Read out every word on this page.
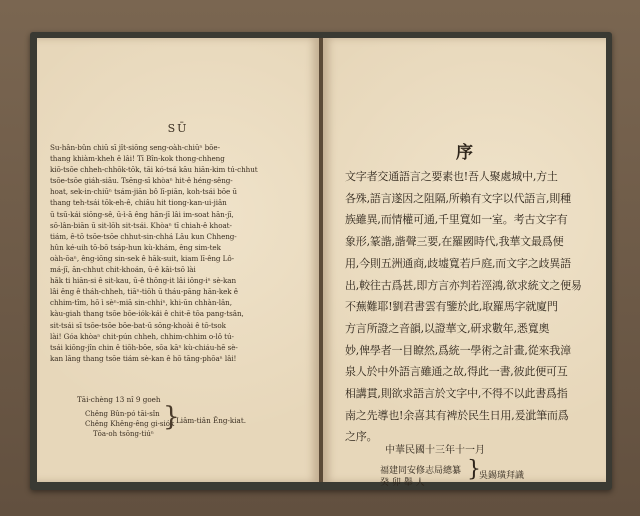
SŪ
Su-hân-bûn chiū sī jît-siōng seng-oàh-chiūⁿ bōe-
thang khiàm-kheh ê lâi! Tī Bîn-kok thong-chheng
kiō-tsōe chheh-chhōk-tōk, tāi kó-tsá kāu hiān-kim tú-chhut
tsōe-tsōe giáh-siāu. Tsēng-sī khòaⁿ hit-ê héng-sêng-
hoat, sek-in-chiūⁿ tsám-jiān bô lī-piān, koh-tsái bōe ū
thang teh-tsái tōk-eh-ê, chiâu hit tiong-kan-ui-jiân
ū tsū-kái siōng-sê, ū-ì-ā êng hān-jī lâi im-soat hān-jī,
sō-lân-biān ū sit-lōh sit-tsái. Khòaⁿ tī chiah-ê khoat-
tiám, ê-tō tsōe-tsōe chhut-sin-chhá Lâu kun Chheng-
hûn ké-uih tō-bō tsáp-hun kù-khám, êng sim-tek
oàh-ōaⁿ, êng-iōng sin-sek ê hāk-suit, kiam lī-êng Lô-
má-jī, ān-chhut chit-khoán, ū-ê kāi-tsō lài
hāk ti hiān-si ê sit-kau, ū-ê thōng-it lâi iōng-iⁿ sè-kan
lâi êng ê tháh-chheh, tiāⁿ-tiōh ū tháu-pāng hān-kek ê
chhim-tîm, hō ì sèⁿ-miā sin-chhiⁿ, khi-ūn chhàn-lân,
kàu-giah thang tsōe bōe-iók-kái ê chit-ē tōa pang-tsân,
sit-tsái sī tsōe-tsōe bōe-bat-ū sōng-khoài ê tō-tsok
lài! Góa khòaⁿ chit-pún chheh, chhim-chhim o-lô tú-
tsái kiōng-jîn chin ê tiōh-bōe, sōa kāⁿ kù-chiáu-hē sè-
kan lāng thang tsōe tiám sè-kan ê hō tāng-phōaⁿ lâi!
Tāi-chèng 13 nî 9 goeh
Chêng Bûn-pó tāi-sîn
Chêng Khêng-êng gi-siók
Tōa-oh tsōng-tiúⁿ
}
Liâm-tiân Êng-kiat.
序
文字者交通語言之要素也!吾人聚處城中,方土
各殊,語言遂因之阻隔,所賴有文字以代語言,則種
族雖異,而情權可通,千里寬如一室。考古文字有
象形,篆諧,諧聲三要,在羅國時代,我華文最爲便
用,今則五洲通商,歧墟寬若戶庭,而文字之歧異語
出,較往古爲甚,即方言亦判若涇鴻,欲求統文之便易
不蕪難耶!劉君書雲有鑒於此,取羅馬字就廈門
方言所證之音韻,以證華文,研求數年,悉寬奧
妙,俾學者一目瞭然,爲統一學術之計畫,從來我漳
泉人於中外語言雖通之故,得此一書,彼此便可互
相講貫,則欲求語言於文字中,不得不以此書爲指
南之先導也!余喜其有裨於民生日用,爰泚筆而爲
之序。
中華民國十三年十一月
福建同安修志局總纂
癸 卯 舉 人
}
吳錫璜拜識
